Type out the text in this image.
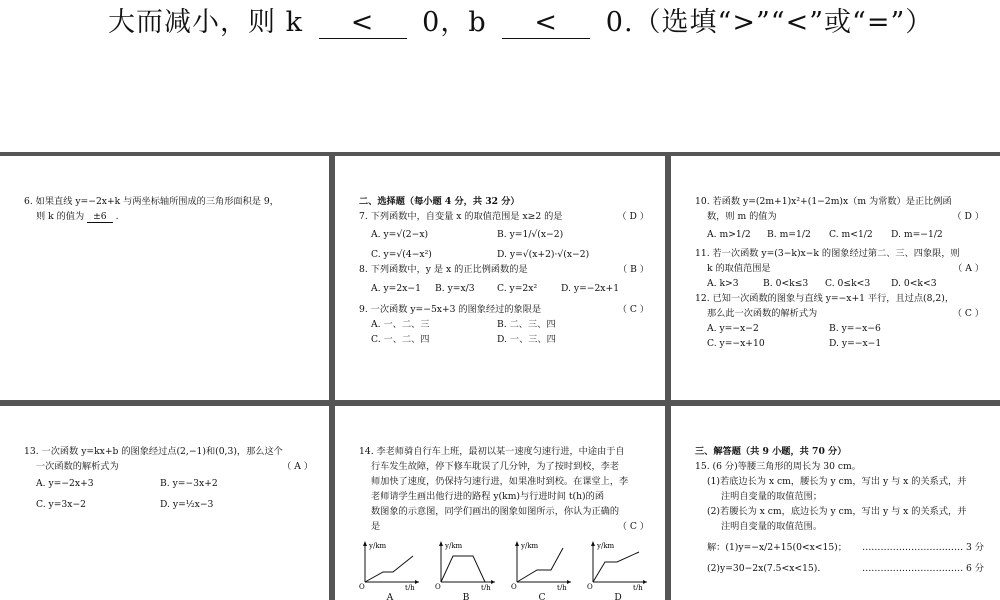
大而减小，则 k < 0，b < 0.（选填“>”“<”或“=”）
6. 如果直线 y=−2x+k 与两坐标轴所围成的三角形面积是 9，
则 k 的值为 ±6 .
二、选择题（每小题 4 分，共 32 分）
7. 下列函数中，自变量 x 的取值范围是 x≥2 的是	（ D ）
A. y=√(2−x)	B. y=1/√(x−2)
C. y=√(4−x²)	D. y=√(x+2)·√(x−2)
8. 下列函数中，y 是 x 的正比例函数的是	（ B ）
A. y=2x−1	B. y=x/3	C. y=2x²	D. y=−2x+1
9. 一次函数 y=−5x+3 的图象经过的象限是	（ C ）
A. 一、二、三	B. 二、三、四
C. 一、二、四	D. 一、三、四
10. 若函数 y=(2m+1)x²+(1−2m)x（m 为常数）是正比例函
数，则 m 的值为	（ D ）
A. m>1/2	B. m=1/2	C. m<1/2	D. m=−1/2
11. 若一次函数 y=(3−k)x−k 的图象经过第二、三、四象限，则
k 的取值范围是	（ A ）
A. k>3	B. 0<k≤3	C. 0≤k<3	D. 0<k<3
12. 已知一次函数的图象与直线 y=−x+1 平行，且过点(8,2)，
那么此一次函数的解析式为	（ C ）
A. y=−x−2	B. y=−x−6
C. y=−x+10	D. y=−x−1
13. 一次函数 y=kx+b 的图象经过点(2,−1)和(0,3)，那么这个
一次函数的解析式为	（ A ）
A. y=−2x+3	B. y=−3x+2
C. y=3x−2	D. y=½x−3
14. 李老师骑自行车上班，最初以某一速度匀速行进，中途由于自
行车发生故障，停下修车耽误了几分钟，为了按时到校，李老
师加快了速度，仍保持匀速行进，如果准时到校。在课堂上，李
老师请学生画出他行进的路程 y(km)与行进时间 t(h)的函
数图象的示意图，同学们画出的图象如图所示，你认为正确的
是	（ C ）
y/km
t/h
O
A
y/km
t/h
O
B
y/km
t/h
O
C
y/km
t/h
O
D
三、解答题（共 9 小题，共 70 分）
15. (6 分)等腰三角形的周长为 30 cm。
(1)若底边长为 x cm，腰长为 y cm，写出 y 与 x 的关系式，并
注明自变量的取值范围；
(2)若腰长为 x cm，底边长为 y cm，写出 y 与 x 的关系式，并
注明自变量的取值范围。
解：(1)y=−x/2+15(0<x<15)； …………………………… 3 分
(2)y=30−2x(7.5<x<15).	…………………………… 6 分
